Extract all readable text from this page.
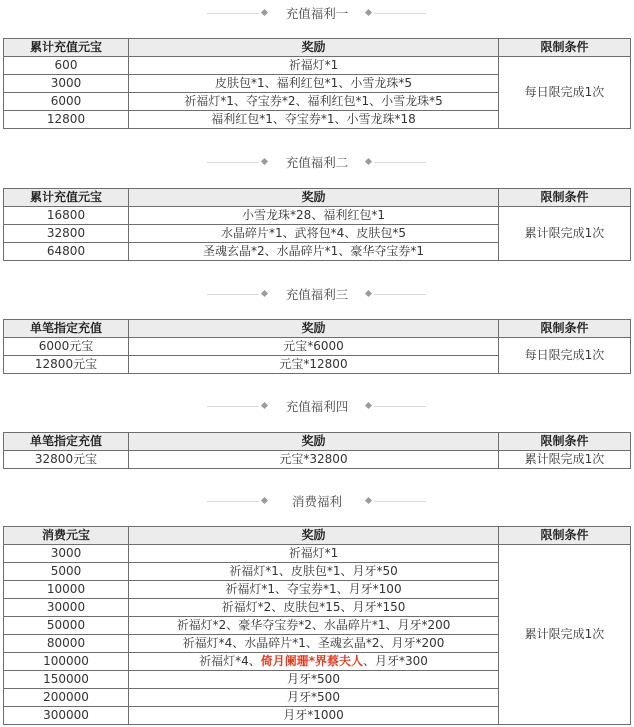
充值福利一
累计充值元宝	奖励	限制条件
600	祈福灯*1	每日限完成1次
3000	皮肤包*1、福利红包*1、小雪龙珠*5	
6000	祈福灯*1、夺宝券*2、福利红包*1、小雪龙珠*5	
12800	福利红包*1、夺宝券*1、小雪龙珠*18	
充值福利二
累计充值元宝	奖励	限制条件
16800	小雪龙珠*28、福利红包*1	累计限完成1次
32800	水晶碎片*1、武将包*4、皮肤包*5	
64800	圣魂玄晶*2、水晶碎片*1、豪华夺宝券*1	
充值福利三
单笔指定充值	奖励	限制条件
6000元宝	元宝*6000	每日限完成1次
12800元宝	元宝*12800	
充值福利四
单笔指定充值	奖励	限制条件
32800元宝	元宝*32800	累计限完成1次
消费福利
消费元宝	奖励	限制条件
3000	祈福灯*1	累计限完成1次
5000	祈福灯*1、皮肤包*1、月牙*50	
10000	祈福灯*1、夺宝券*1、月牙*100	
30000	祈福灯*2、皮肤包*15、月牙*150	
50000	祈福灯*2、豪华夺宝券*2、水晶碎片*1、月牙*200	
80000	祈福灯*4、水晶碎片*1、圣魂玄晶*2、月牙*200	
100000	祈福灯*4、倚月阑珊*界蔡夫人、月牙*300	
150000	月牙*500	
200000	月牙*500	
300000	月牙*1000	
